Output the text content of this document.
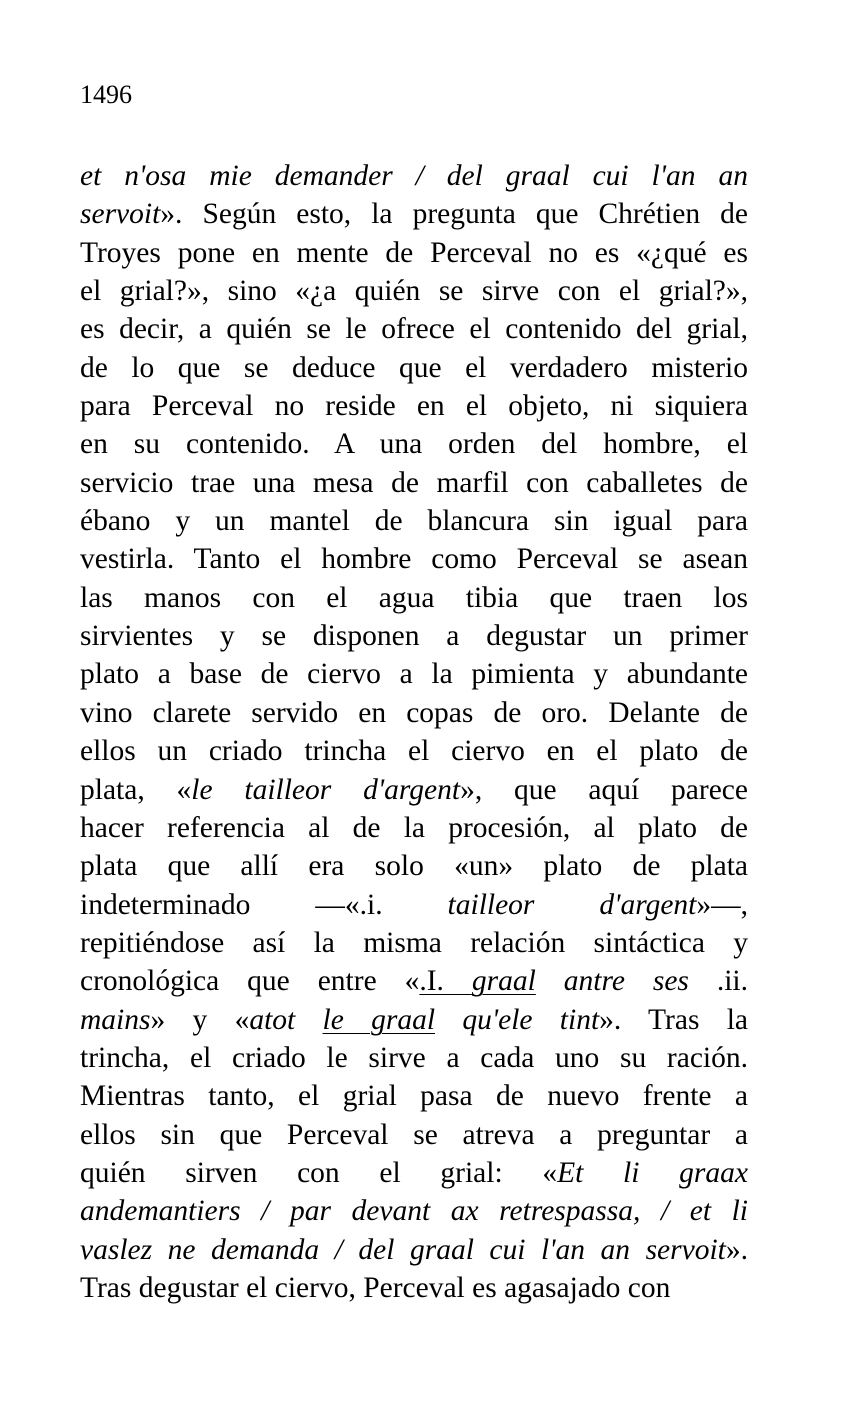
1496
et n'osa mie demander / del graal cui l'an an
servoit». Según esto, la pregunta que Chrétien de
Troyes pone en mente de Perceval no es «¿qué es
el grial?», sino «¿a quién se sirve con el grial?»,
es decir, a quién se le ofrece el contenido del grial,
de lo que se deduce que el verdadero misterio
para Perceval no reside en el objeto, ni siquiera
en su contenido. A una orden del hombre, el
servicio trae una mesa de marfil con caballetes de
ébano y un mantel de blancura sin igual para
vestirla. Tanto el hombre como Perceval se asean
las manos con el agua tibia que traen los
sirvientes y se disponen a degustar un primer
plato a base de ciervo a la pimienta y abundante
vino clarete servido en copas de oro. Delante de
ellos un criado trincha el ciervo en el plato de
plata, «le tailleor d'argent», que aquí parece
hacer referencia al de la procesión, al plato de
plata que allí era solo «un» plato de plata
indeterminado —«.i. tailleor d'argent»—,
repitiéndose así la misma relación sintáctica y
cronológica que entre «.I. graal antre ses .ii.
mains» y «atot le graal qu'ele tint». Tras la
trincha, el criado le sirve a cada uno su ración.
Mientras tanto, el grial pasa de nuevo frente a
ellos sin que Perceval se atreva a preguntar a
quién sirven con el grial: «Et li graax
andemantiers / par devant ax retrespassa, / et li
vaslez ne demanda / del graal cui l'an an servoit».
Tras degustar el ciervo, Perceval es agasajado con
